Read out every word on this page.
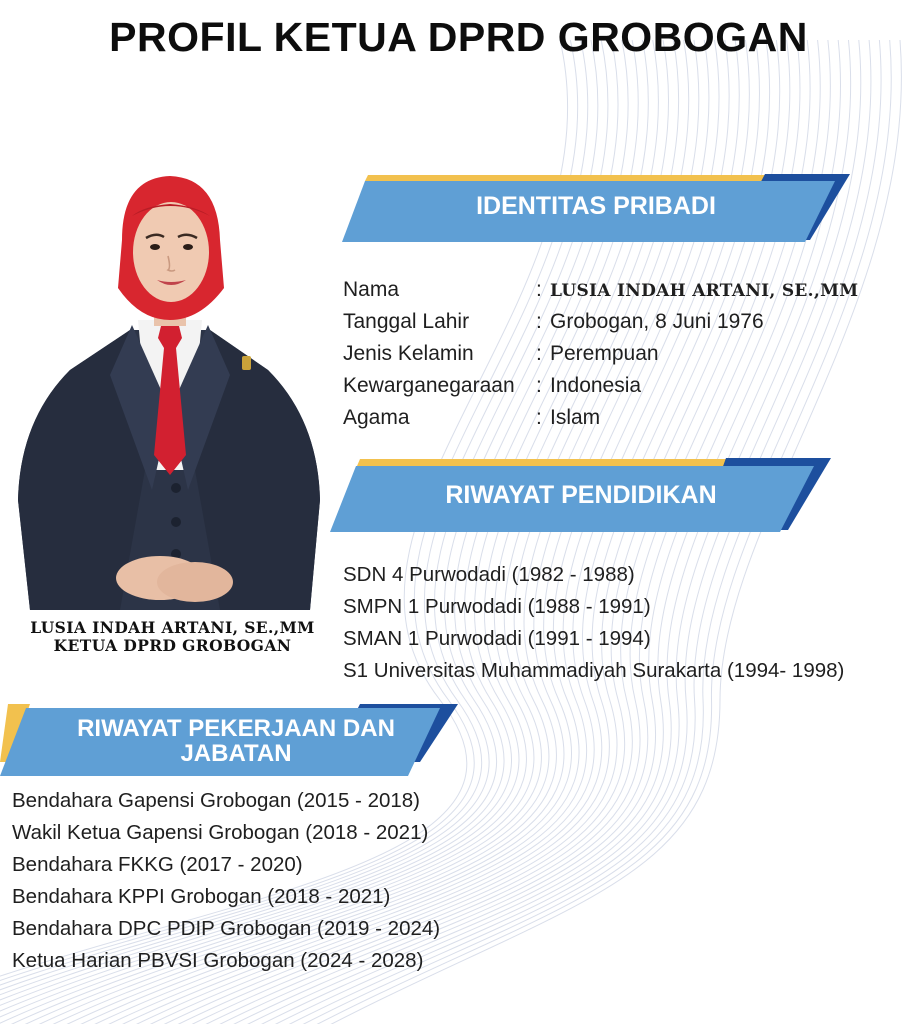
PROFIL KETUA DPRD GROBOGAN
LUSIA INDAH ARTANI, SE.,MM
KETUA DPRD GROBOGAN
IDENTITAS PRIBADI
Nama	: LUSIA INDAH ARTANI, SE.,MM
Tanggal Lahir	: Grobogan, 8 Juni 1976
Jenis Kelamin	: Perempuan
Kewarganegaraan : Indonesia
Agama	: Islam
RIWAYAT PENDIDIKAN
SDN 4 Purwodadi (1982 - 1988)
SMPN 1 Purwodadi (1988 - 1991)
SMAN 1 Purwodadi (1991 - 1994)
S1 Universitas Muhammadiyah Surakarta (1994- 1998)
RIWAYAT PEKERJAAN DAN
JABATAN
Bendahara Gapensi Grobogan (2015 - 2018)
Wakil Ketua Gapensi Grobogan (2018 - 2021)
Bendahara FKKG (2017 - 2020)
Bendahara KPPI Grobogan (2018 - 2021)
Bendahara DPC PDIP Grobogan (2019 - 2024)
Ketua Harian PBVSI Grobogan (2024 - 2028)
